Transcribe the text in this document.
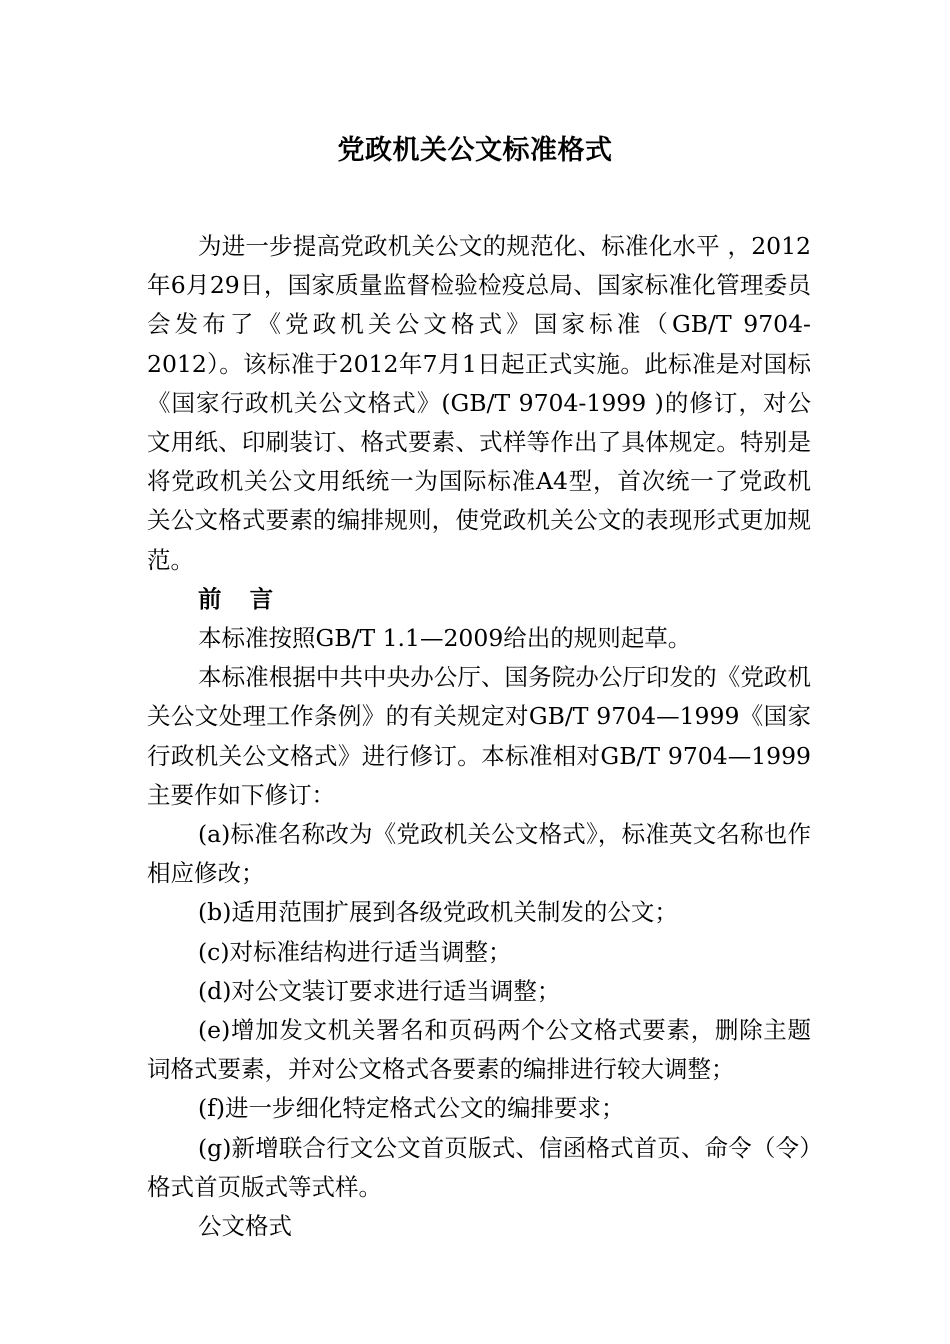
党政机关公文标准格式

为进一步提高党政机关公文的规范化、标准化水平 ，2012年6月29日，国家质量监督检验检疫总局、国家标准化管理委员会发布了《党政机关公文格式》国家标准（GB/T 9704-2012）。该标准于2012年7月1日起正式实施。此标准是对国标《国家行政机关公文格式》(GB/T 9704-1999 )的修订，对公文用纸、印刷装订、格式要素、式样等作出了具体规定。特别是将党政机关公文用纸统一为国际标准A4型，首次统一了党政机关公文格式要素的编排规则，使党政机关公文的表现形式更加规范。

前 言

本标准按照GB/T 1.1—2009给出的规则起草。

本标准根据中共中央办公厅、国务院办公厅印发的《党政机关公文处理工作条例》的有关规定对GB/T 9704—1999《国家行政机关公文格式》进行修订。本标准相对GB/T 9704—1999主要作如下修订：

(a)标准名称改为《党政机关公文格式》，标准英文名称也作相应修改；

(b)适用范围扩展到各级党政机关制发的公文；

(c)对标准结构进行适当调整；

(d)对公文装订要求进行适当调整；

(e)增加发文机关署名和页码两个公文格式要素，删除主题词格式要素，并对公文格式各要素的编排进行较大调整；

(f)进一步细化特定格式公文的编排要求；

(g)新增联合行文公文首页版式、信函格式首页、命令（令）格式首页版式等式样。

公文格式
